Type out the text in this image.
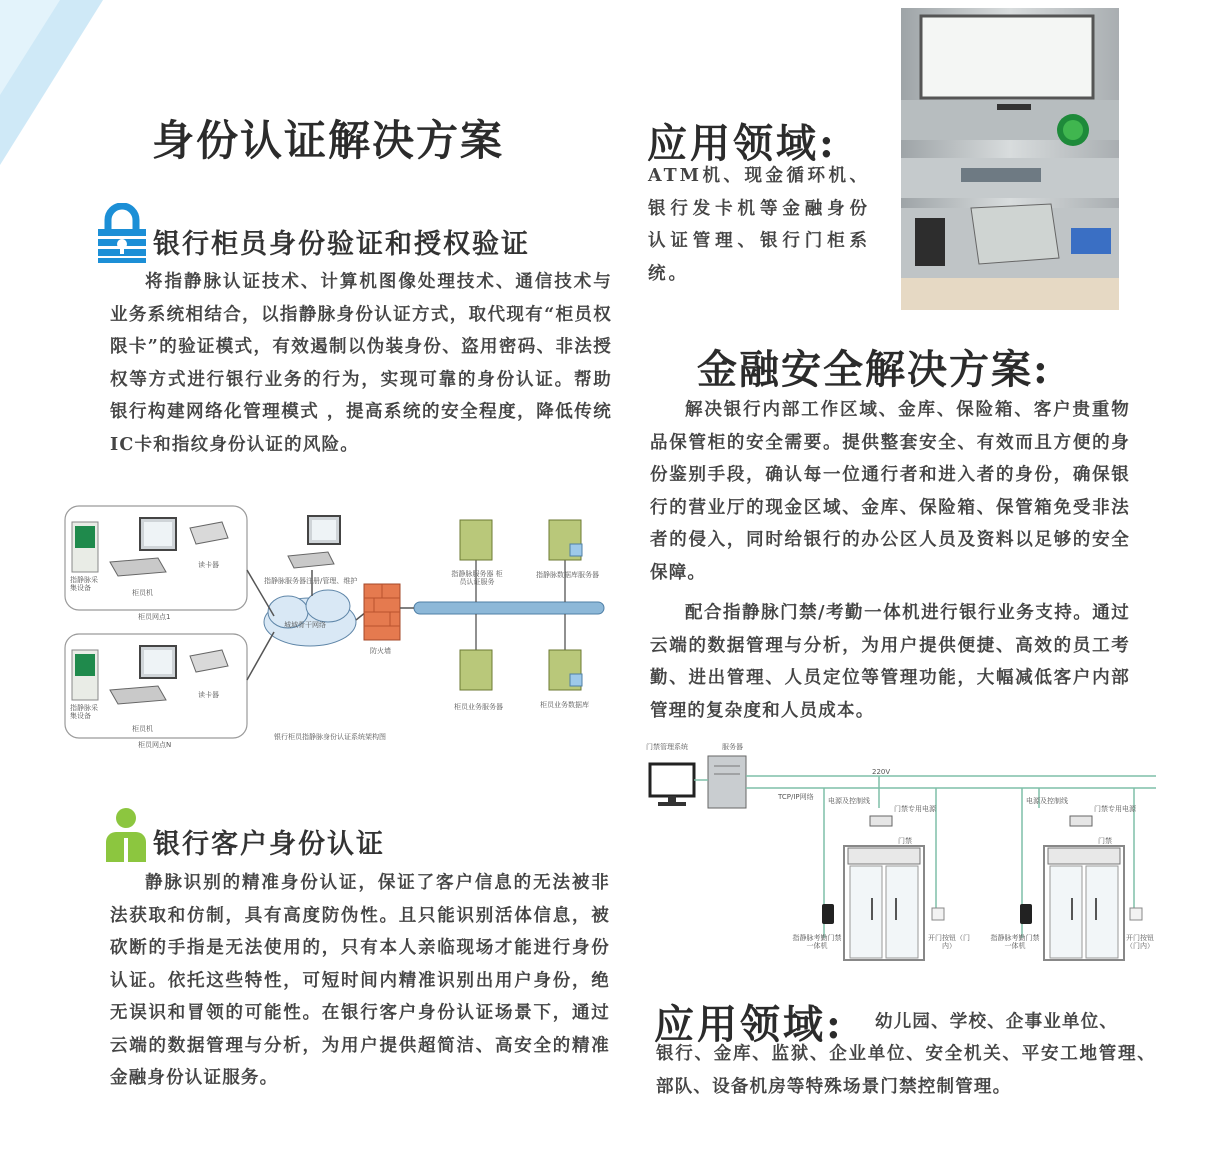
身份认证解决方案
银行柜员身份验证和授权验证
将指静脉认证技术、计算机图像处理技术、通信技术与业务系统相结合，以指静脉身份认证方式，取代现有“柜员权限卡”的验证模式，有效遏制以伪装身份、盗用密码、非法授权等方式进行银行业务的行为，实现可靠的身份认证。帮助银行构建网络化管理模式 ，提高系统的安全程度，降低传统IC卡和指纹身份认证的风险。
指静脉采集设备
读卡器
柜员机
柜员网点1
指静脉采集设备
读卡器
柜员机
柜员网点N
指静脉服务器注册/管理、维护
城域骨干网络
防火墙
指静脉服务器 柜员认证服务
指静脉数据库服务器
柜员业务服务器	柜员业务数据库
银行柜员指静脉身份认证系统架构图
银行客户身份认证
静脉识别的精准身份认证，保证了客户信息的无法被非法获取和仿制，具有高度防伪性。且只能识别活体信息，被砍断的手指是无法使用的，只有本人亲临现场才能进行身份认证。依托这些特性，可短时间内精准识别出用户身份，绝无误识和冒领的可能性。在银行客户身份认证场景下，通过云端的数据管理与分析，为用户提供超简洁、高安全的精准金融身份认证服务。
应用领域:
ATM机、现金循环机、银行发卡机等金融身份认证管理、银行门柜系统。
金融安全解决方案:
解决银行内部工作区域、金库、保险箱、客户贵重物品保管柜的安全需要。提供整套安全、有效而且方便的身份鉴别手段，确认每一位通行者和进入者的身份，确保银行的营业厅的现金区域、金库、保险箱、保管箱免受非法者的侵入，同时给银行的办公区人员及资料以足够的安全保障。
配合指静脉门禁/考勤一体机进行银行业务支持。通过云端的数据管理与分析，为用户提供便捷、高效的员工考勤、进出管理、人员定位等管理功能，大幅减低客户内部管理的复杂度和人员成本。
门禁管理系统	服务器
TCP/IP网络
220V
电源及控制线
门禁专用电源
门禁
指静脉考勤门禁一体机
开门按钮（门内）
电源及控制线
门禁专用电源
门禁
指静脉考勤门禁一体机
开门按钮（门内）
应用领域: 幼儿园、学校、企事业单位、
银行、金库、监狱、企业单位、安全机关、平安工地管理、部队、设备机房等特殊场景门禁控制管理。
